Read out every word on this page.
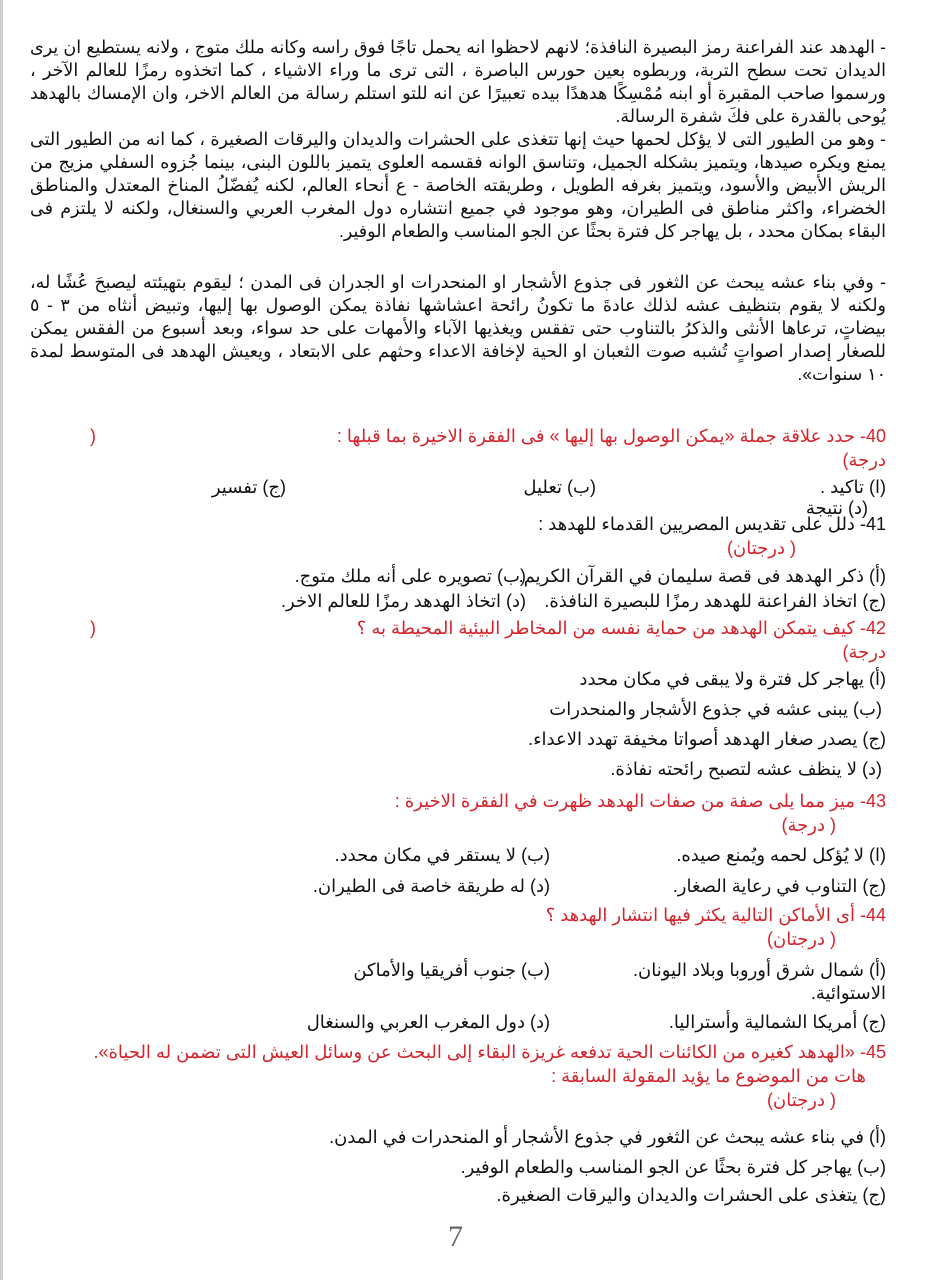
- الهدهد عند الفراعنة رمز البصيرة النافذة؛ لانهم لاحظوا انه يحمل تاجًا فوق راسه وكانه ملك متوج ، ولانه يستطيع ان يرى الديدان تحت سطح التربة، وربطوه بعين حورس الباصرة ، التى ترى ما وراء الاشياء ، كما اتخذوه رمزًا للعالم الآخر ، ورسموا صاحب المقبرة أو ابنه مُمْسِكًا هدهدًا بيده تعبيرًا عن انه للتو استلم رسالة من العالم الاخر، وان الإمساك بالهدهد يُوحى بالقدرة على فكَ شفرة الرسالة.

- وهو من الطيور التى لا يؤكل لحمها حيث إنها تتغذى على الحشرات والديدان واليرقات الصغيرة ، كما انه من الطيور التى يمنع ويكره صيدها، ويتميز بشكله الجميل، وتناسق الوانه فقسمه العلوى يتميز باللون البنى، بينما جُزوه السفلي مزيج من الريش الأبيض والأسود، ويتميز بغرفه الطويل ، وطريقته الخاصة - ع أنحاء العالم، لكنه يُفضّلُ المناخ المعتدل والمناطق الخضراء، واكثر مناطق فى الطيران، وهو موجود في جميع انتشاره دول المغرب العربي والسنغال، ولكنه لا يلتزم فى البقاء بمكان محدد ، بل يهاجر كل فترة بحثًا عن الجو المناسب والطعام الوفير.

- وفي بناء عشه يبحث عن الثغور فى جذوع الأشجار او المنحدرات او الجدران فى المدن ؛ ليقوم بتهيئته ليصبحَ عُشًا له، ولكنه لا يقوم بتنظيف عشه لذلك عادةَ ما تكونُ رائحة اعشاشها نفاذة يمكن الوصول بها إليها، وتبيض أنثاه من ٣ - ٥ بيضاتٍ، ترعاها الأنثى والذكرُ بالتناوب حتى تفقس ويغذيها الآباء والأمهات على حد سواء، وبعد أسبوع من الفقس يمكن للصغار إصدار اصواتٍ تُشبه صوت الثعبان او الحية لإخافة الاعداء وحثهم على الابتعاد ، ويعيش الهدهد فى المتوسط لمدة ١٠ سنوات».

40- حدد علاقة جملة «يمكن الوصول بها إليها » فى الفقرة الاخيرة بما قبلها :
(
درجة)
(ا) تاكيد .
(ب) تعليل
(ج) تفسير
(د) نتيجة
41- دلل على تقديس المصريين القدماء للهدهد :
( درجتان)
(أ) ذكر الهدهد فى قصة سليمان في القرآن الكريم.
(ب) تصويره على أنه ملك متوج.
(ج) اتخاذ الفراعنة للهدهد رمزًا للبصيرة النافذة.
(د) اتخاذ الهدهد رمزًا للعالم الاخر.
42- كيف يتمكن الهدهد من حماية نفسه من المخاطر البيئية المحيطة به ؟
(
درجة)
(أ) يهاجر كل فترة ولا يبقى في مكان محدد
(ب) يبنى عشه في جذوع الأشجار والمنحدرات
(ج) يصدر صغار الهدهد أصواتا مخيفة تهدد الاعداء.
(د) لا ينظف عشه لتصبح رائحته نفاذة.
43- ميز مما يلى صفة من صفات الهدهد ظهرت في الفقرة الاخيرة :
( درجة)
(ا) لا يُؤكل لحمه ويُمنع صيده.
(ب) لا يستقر في مكان محدد.
(ج) التناوب في رعاية الصغار.
(د) له طريقة خاصة فى الطيران.
44- أى الأماكن التالية يكثر فيها انتشار الهدهد ؟
( درجتان)
(أ) شمال شرق أوروبا وبلاد اليونان.
(ب) جنوب أفريقيا والأماكن
الاستوائية.
(ج) أمريكا الشمالية وأستراليا.
(د) دول المغرب العربي والسنغال
45- «الهدهد كغيره من الكائنات الحية تدفعه غريزة البقاء إلى البحث عن وسائل العيش التى تضمن له الحياة».
هات من الموضوع ما يؤيد المقولة السابقة :
( درجتان)
(أ) في بناء عشه يبحث عن الثغور في جذوع الأشجار أو المنحدرات في المدن.
(ب) يهاجر كل فترة بحثًا عن الجو المناسب والطعام الوفير.
(ج) يتغذى على الحشرات والديدان واليرقات الصغيرة.
7
